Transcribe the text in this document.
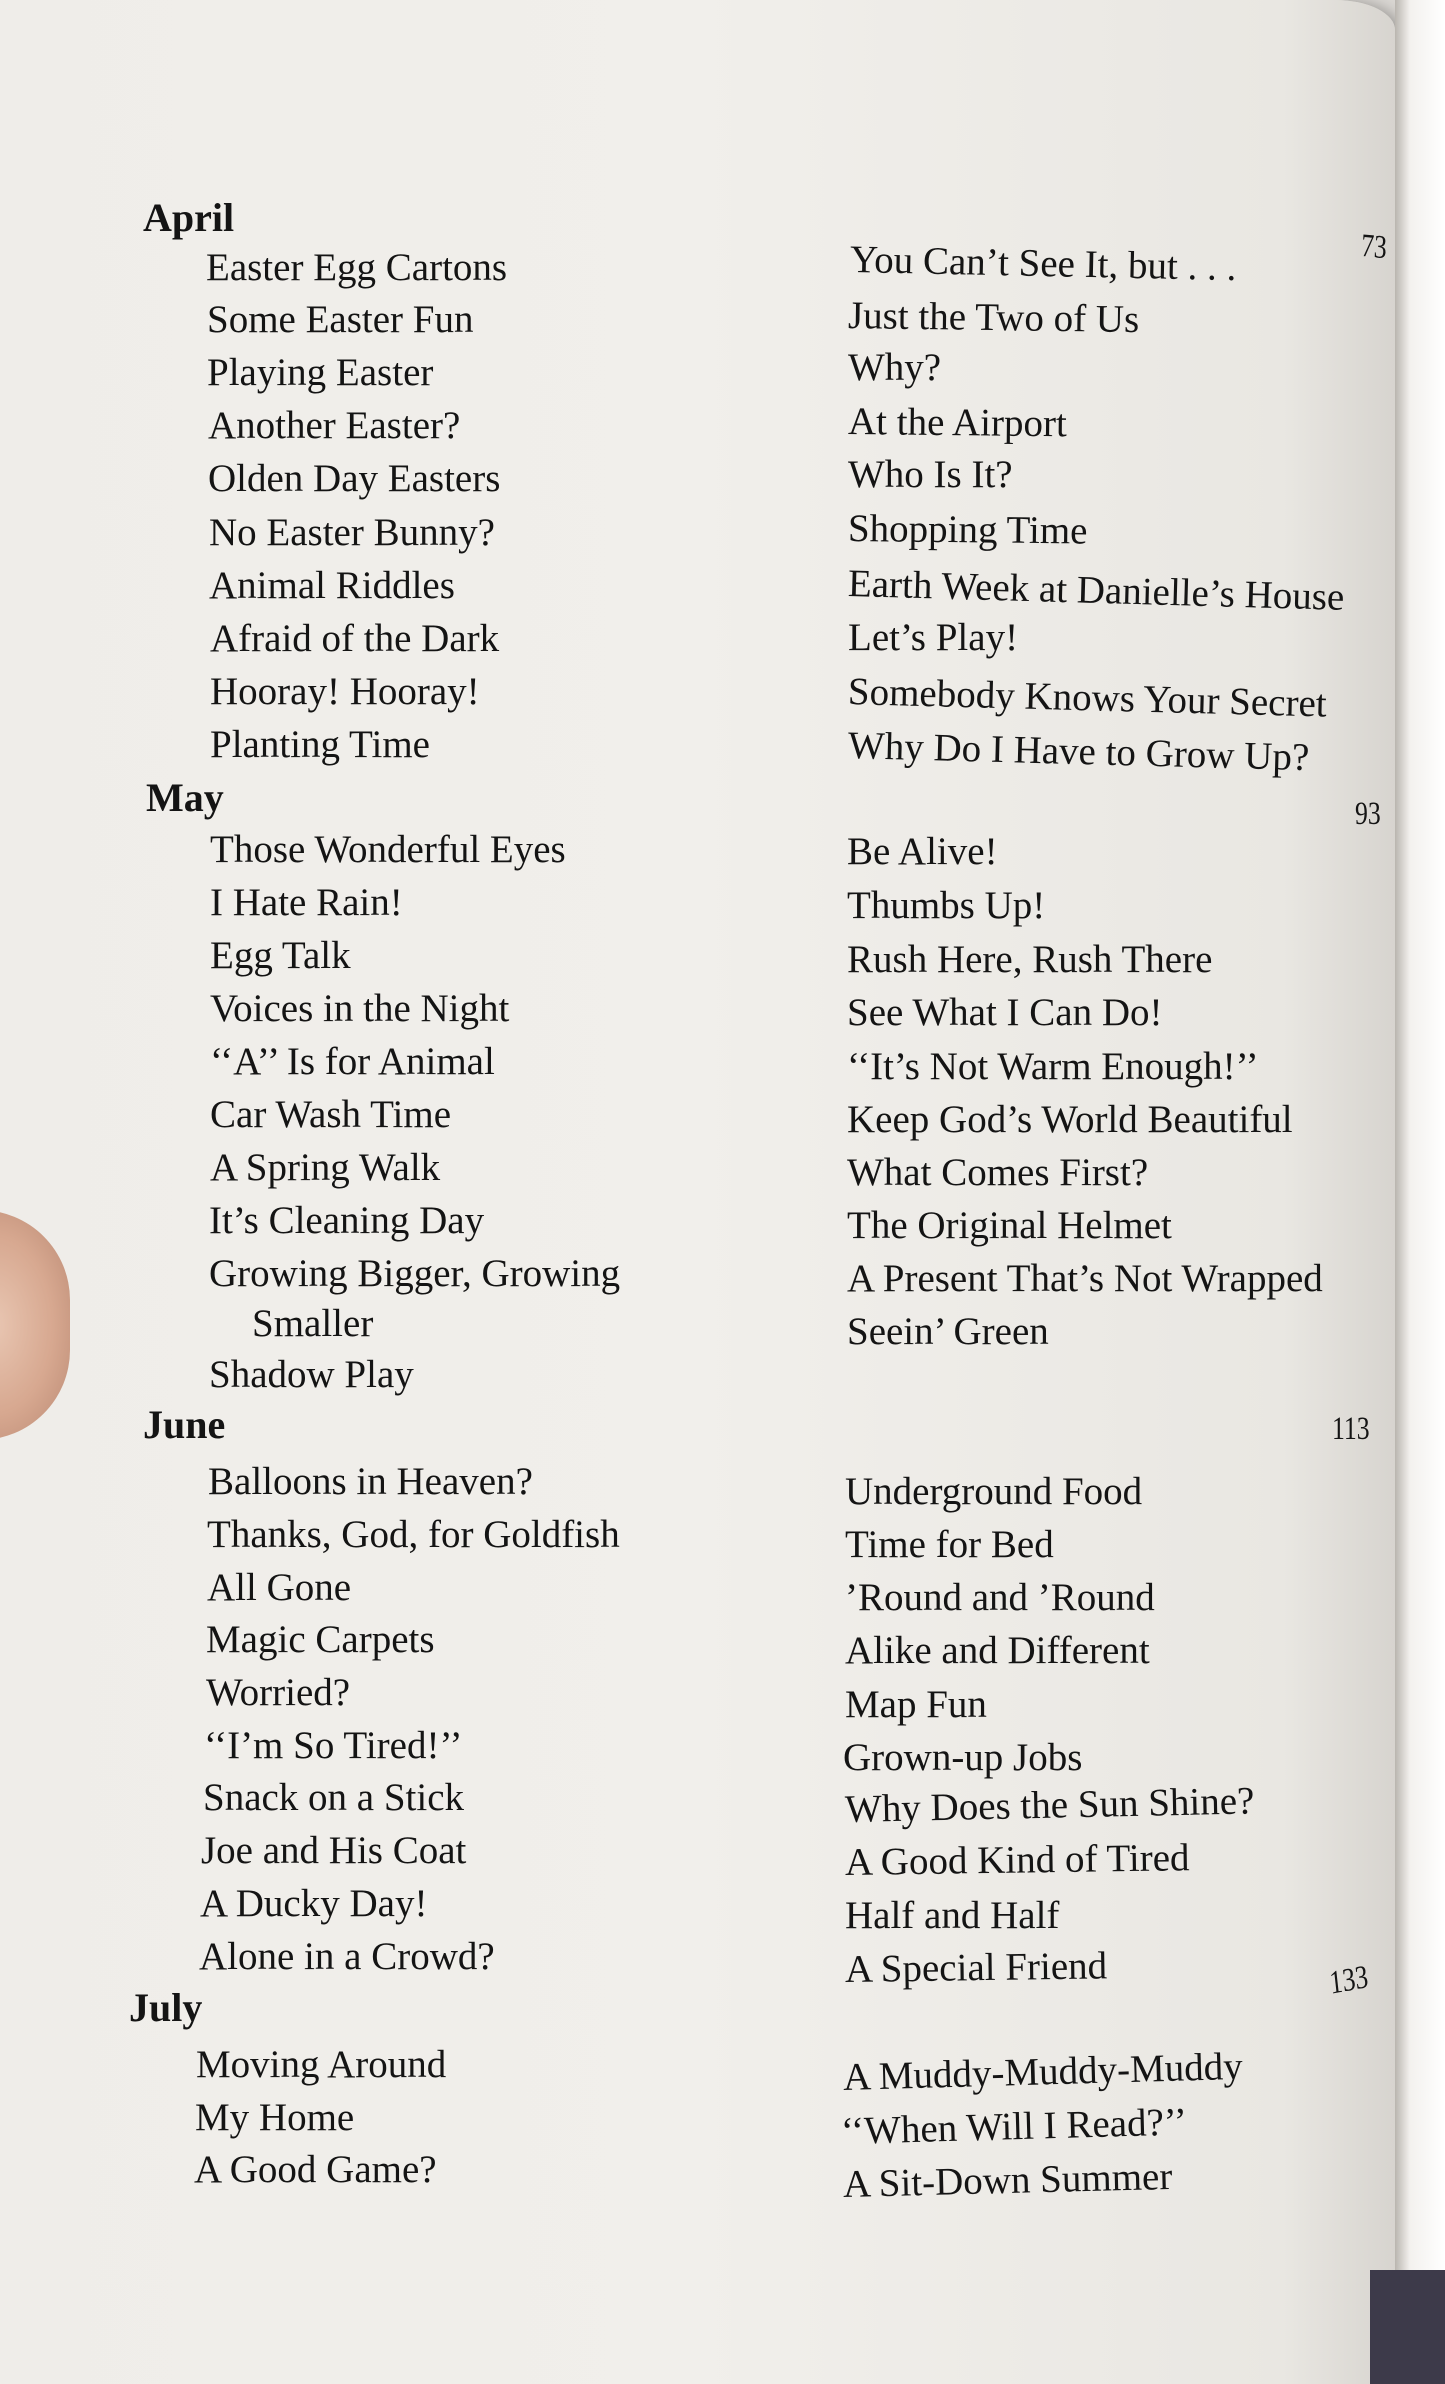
April
73
Easter Egg Cartons
Some Easter Fun
Playing Easter
Another Easter?
Olden Day Easters
No Easter Bunny?
Animal Riddles
Afraid of the Dark
Hooray! Hooray!
Planting Time
You Can’t See It, but . . .
Just the Two of Us
Why?
At the Airport
Who Is It?
Shopping Time
Earth Week at Danielle’s House
Let’s Play!
Somebody Knows Your Secret
Why Do I Have to Grow Up?
May	93
Those Wonderful Eyes
I Hate Rain!
Egg Talk
Voices in the Night
‘‘A’’ Is for Animal
Car Wash Time
A Spring Walk
It’s Cleaning Day
Growing Bigger, Growing
Smaller
Shadow Play
Be Alive!
Thumbs Up!
Rush Here, Rush There
See What I Can Do!
‘‘It’s Not Warm Enough!’’
Keep God’s World Beautiful
What Comes First?
The Original Helmet
A Present That’s Not Wrapped
Seein’ Green
June	113
Balloons in Heaven?
Thanks, God, for Goldfish
All Gone
Magic Carpets
Worried?
‘‘I’m So Tired!’’
Snack on a Stick
Joe and His Coat
A Ducky Day!
Alone in a Crowd?
Underground Food
Time for Bed
’Round and ’Round
Alike and Different
Map Fun
Grown-up Jobs
Why Does the Sun Shine?
A Good Kind of Tired
Half and Half
A Special Friend
July
133
Moving Around
My Home
A Good Game?
A Muddy-Muddy-Muddy
‘‘When Will I Read?’’
A Sit-Down Summer
